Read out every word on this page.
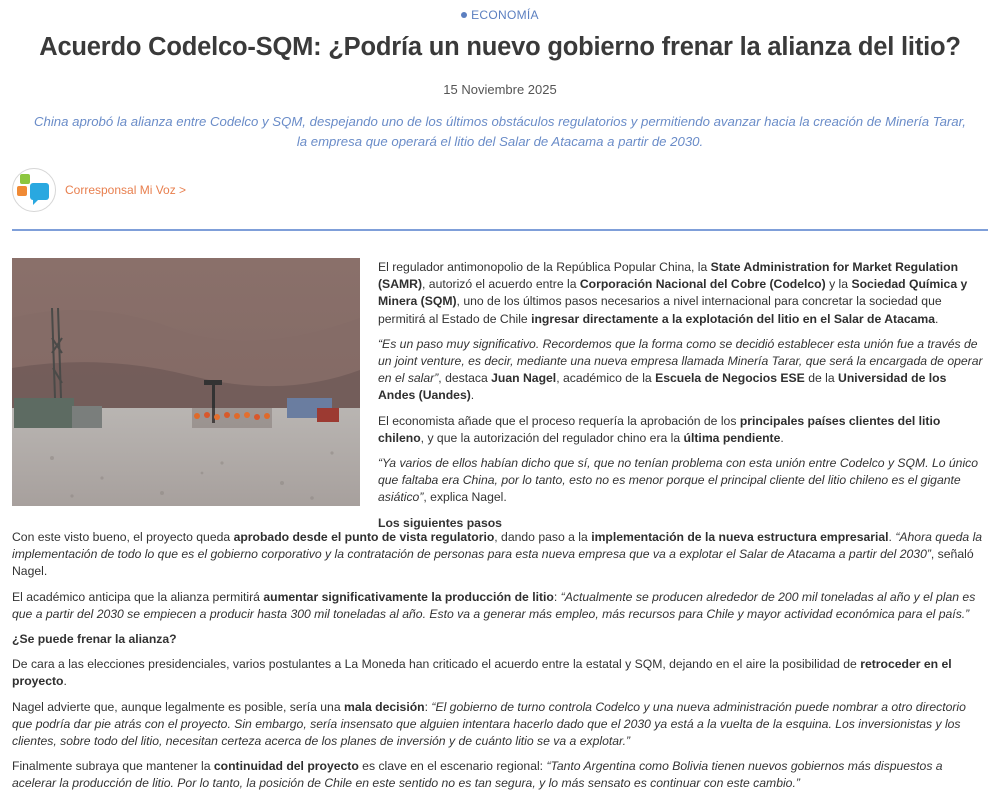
ECONOMÍA
Acuerdo Codelco-SQM: ¿Podría un nuevo gobierno frenar la alianza del litio?
15 Noviembre 2025

China aprobó la alianza entre Codelco y SQM, despejando uno de los últimos obstáculos regulatorios y permitiendo avanzar hacia la creación de Minería Tarar, la empresa que operará el litio del Salar de Atacama a partir de 2030.

Corresponsal Mi Voz >

El regulador antimonopolio de la República Popular China, la State Administration for Market Regulation (SAMR), autorizó el acuerdo entre la Corporación Nacional del Cobre (Codelco) y la Sociedad Química y Minera (SQM), uno de los últimos pasos necesarios a nivel internacional para concretar la sociedad que permitirá al Estado de Chile ingresar directamente a la explotación del litio en el Salar de Atacama.

“Es un paso muy significativo. Recordemos que la forma como se decidió establecer esta unión fue a través de un joint venture, es decir, mediante una nueva empresa llamada Minería Tarar, que será la encargada de operar en el salar”, destaca Juan Nagel, académico de la Escuela de Negocios ESE de la Universidad de los Andes (Uandes).

El economista añade que el proceso requería la aprobación de los principales países clientes del litio chileno, y que la autorización del regulador chino era la última pendiente.

“Ya varios de ellos habían dicho que sí, que no tenían problema con esta unión entre Codelco y SQM. Lo único que faltaba era China, por lo tanto, esto no es menor porque el principal cliente del litio chileno es el gigante asiático”, explica Nagel.

Los siguientes pasos

Con este visto bueno, el proyecto queda aprobado desde el punto de vista regulatorio, dando paso a la implementación de la nueva estructura empresarial. “Ahora queda la implementación de todo lo que es el gobierno corporativo y la contratación de personas para esta nueva empresa que va a explotar el Salar de Atacama a partir del 2030”, señaló Nagel.

El académico anticipa que la alianza permitirá aumentar significativamente la producción de litio: “Actualmente se producen alrededor de 200 mil toneladas al año y el plan es que a partir del 2030 se empiecen a producir hasta 300 mil toneladas al año. Esto va a generar más empleo, más recursos para Chile y mayor actividad económica para el país.”

¿Se puede frenar la alianza?

De cara a las elecciones presidenciales, varios postulantes a La Moneda han criticado el acuerdo entre la estatal y SQM, dejando en el aire la posibilidad de retroceder en el proyecto.

Nagel advierte que, aunque legalmente es posible, sería una mala decisión: “El gobierno de turno controla Codelco y una nueva administración puede nombrar a otro directorio que podría dar pie atrás con el proyecto. Sin embargo, sería insensato que alguien intentara hacerlo dado que el 2030 ya está a la vuelta de la esquina. Los inversionistas y los clientes, sobre todo del litio, necesitan certeza acerca de los planes de inversión y de cuánto litio se va a explotar.”

Finalmente subraya que mantener la continuidad del proyecto es clave en el escenario regional: “Tanto Argentina como Bolivia tienen nuevos gobiernos más dispuestos a acelerar la producción de litio. Por lo tanto, la posición de Chile en este sentido no es tan segura, y lo más sensato es continuar con este cambio.”
